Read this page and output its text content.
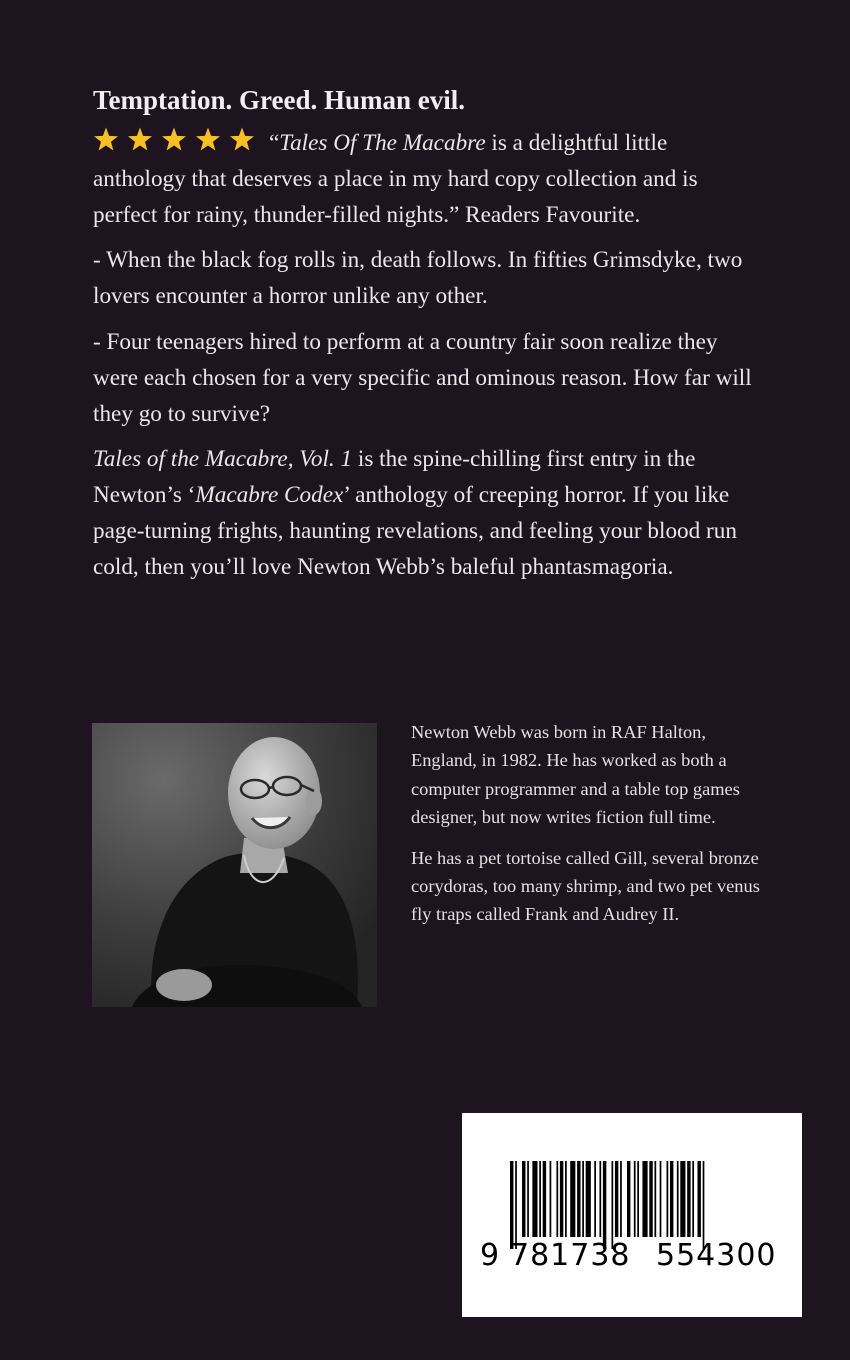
Temptation. Greed. Human evil.

“Tales Of The Macabre is a delightful little anthology that deserves a place in my hard copy collection and is perfect for rainy, thunder-filled nights.” Readers Favourite.

- When the black fog rolls in, death follows. In fifties Grimsdyke, two lovers encounter a horror unlike any other.

- Four teenagers hired to perform at a country fair soon realize they were each chosen for a very specific and ominous reason. How far will they go to survive?

Tales of the Macabre, Vol. 1 is the spine-chilling first entry in the Newton’s ‘Macabre Codex’ anthology of creeping horror. If you like page-turning frights, haunting revelations, and feeling your blood run cold, then you’ll love Newton Webb’s baleful phantasmagoria.

Newton Webb was born in RAF Halton, England, in 1982. He has worked as both a computer programmer and a table top games designer, but now writes fiction full time.

He has a pet tortoise called Gill, several bronze corydoras, too many shrimp, and two pet venus fly traps called Frank and Audrey II.

9 781738 554300
